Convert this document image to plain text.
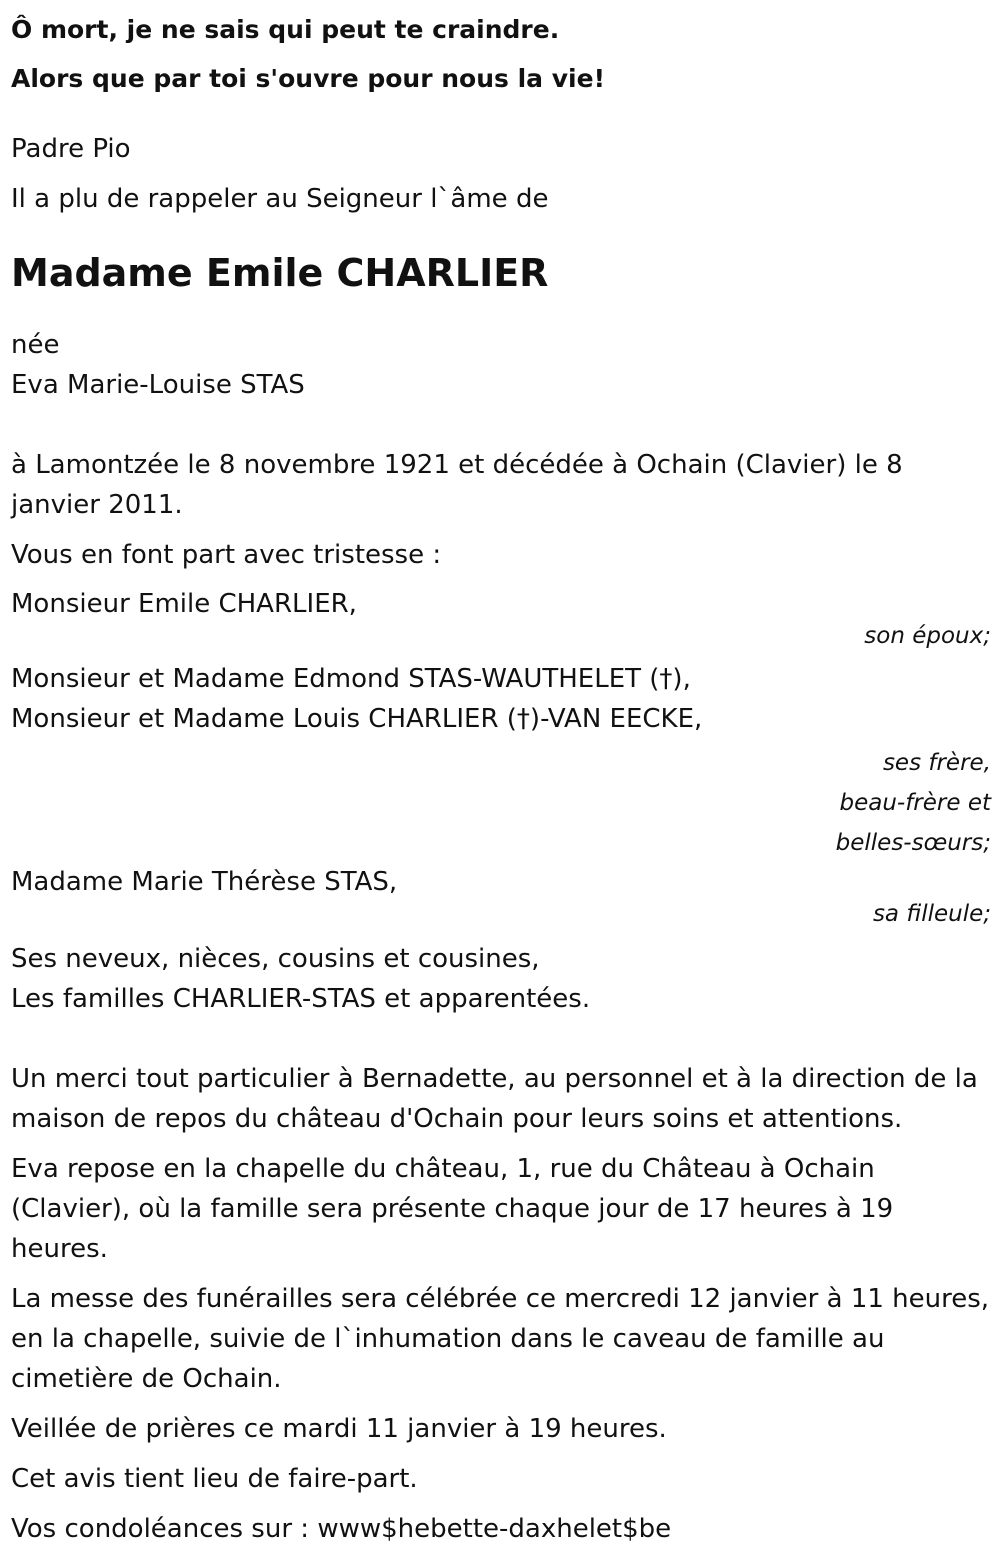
Ô mort, je ne sais qui peut te craindre.
Alors que par toi s'ouvre pour nous la vie!
Padre Pio
Il a plu de rappeler au Seigneur l`âme de
Madame Emile CHARLIER
née
Eva Marie-Louise STAS
à Lamontzée le 8 novembre 1921 et décédée à Ochain (Clavier) le 8 janvier 2011.
Vous en font part avec tristesse :
Monsieur Emile CHARLIER,
son époux;
Monsieur et Madame Edmond STAS-WAUTHELET (†),
Monsieur et Madame Louis CHARLIER (†)-VAN EECKE,
ses frère,
beau-frère et
belles-sœurs;
Madame Marie Thérèse STAS,
sa filleule;
Ses neveux, nièces, cousins et cousines,
Les familles CHARLIER-STAS et apparentées.
Un merci tout particulier à Bernadette, au personnel et à la direction de la maison de repos du château d'Ochain pour leurs soins et attentions.
Eva repose en la chapelle du château, 1, rue du Château à Ochain (Clavier), où la famille sera présente chaque jour de 17 heures à 19 heures.
La messe des funérailles sera célébrée ce mercredi 12 janvier à 11 heures, en la chapelle, suivie de l`inhumation dans le caveau de famille au cimetière de Ochain.
Veillée de prières ce mardi 11 janvier à 19 heures.
Cet avis tient lieu de faire-part.
Vos condoléances sur : www$hebette-daxhelet$be
